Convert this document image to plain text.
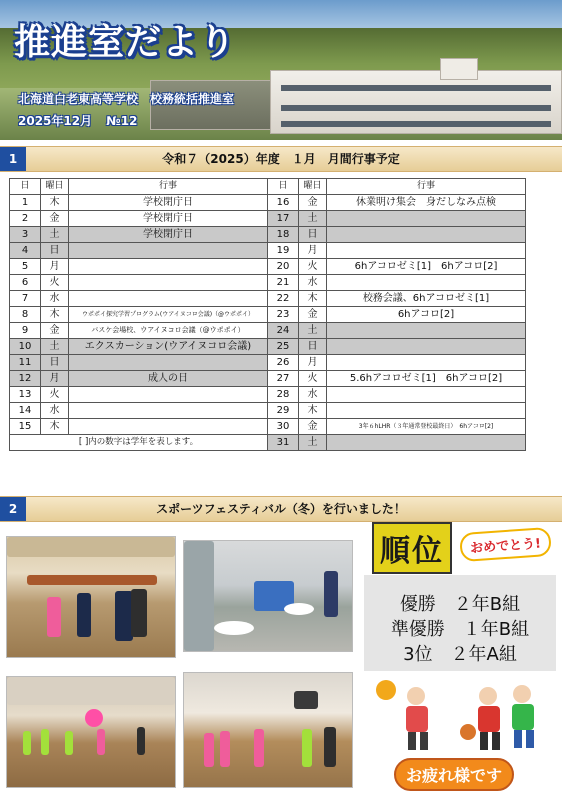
推進室だより
北海道白老東高等学校　校務統括推進室
2025年12月 №12
令和７（2025）年度　１月　月間行事予定
1
日	曜日	行事	日	曜日	行事
1	木	学校閉庁日	16	金	休業明け集会　身だしなみ点検
2	金	学校閉庁日	17	土	
3	土	学校閉庁日	18	日	
4	日		19	月	
5	月		20	火	6hアコロゼミ[1]　6hアコロ[2]
6	火		21	水	
7	水		22	木	校務会議、6hアコロゼミ[1]
8	木	ウポポイ探究学習プログラム(ウアイヌコロ会議)（@ウポポイ）	23	金	6hアコロ[2]
9	金	バスケ会場校、ウアイヌコロ会議（@ウポポイ）	24	土	
10	土	エクスカーション(ウアイヌコロ会議)	25	日	
11	日		26	月	
12	月	成人の日	27	火	5.6hアコロゼミ[1]　6hアコロ[2]
13	火		28	水	
14	水		29	木	
15	木		30	金	3年６hLHR（３年通常登校最終日）　6hアコロ[2]
[ ]内の数字は学年を表します。			31	土	
スポーツフェスティバル（冬）を行いました！
2
順位	おめでとう!
優勝　２年B組
準優勝　１年B組
3位　２年A組
お疲れ様です
